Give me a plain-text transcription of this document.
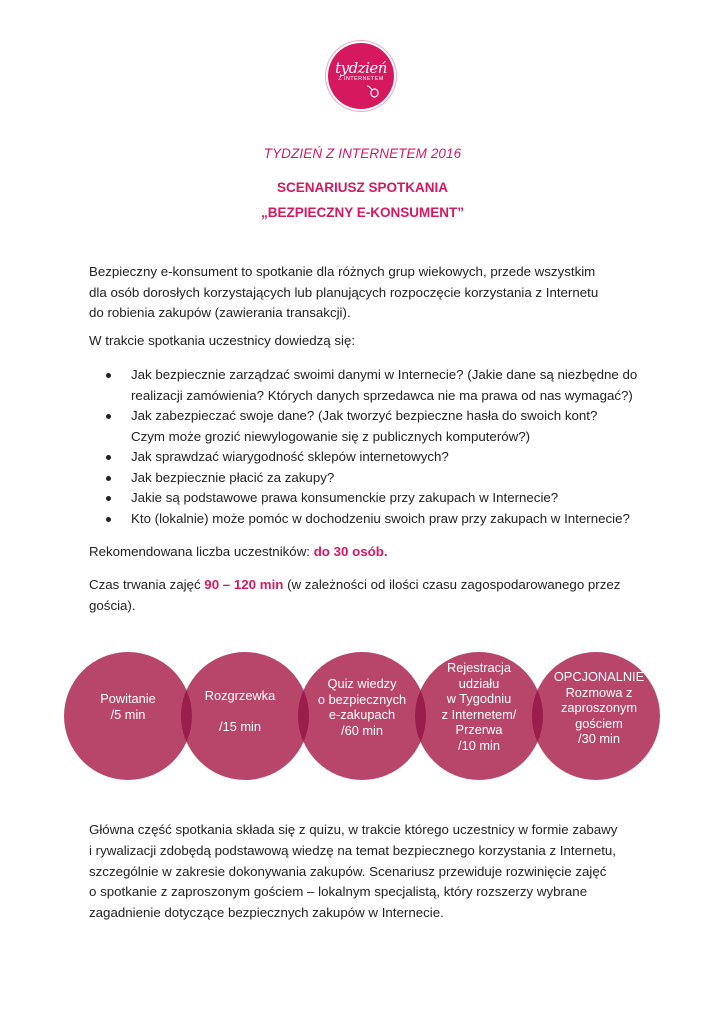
tydzień
Z INTERNETEM
TYDZIEŃ Z INTERNETEM 2016
SCENARIUSZ SPOTKANIA
„BEZPIECZNY E-KONSUMENT”

Bezpieczny e-konsument to spotkanie dla różnych grup wiekowych, przede wszystkim
dla osób dorosłych korzystających lub planujących rozpoczęcie korzystania z Internetu
do robienia zakupów (zawierania transakcji).

W trakcie spotkania uczestnicy dowiedzą się:

Jak bezpiecznie zarządzać swoimi danymi w Internecie? (Jakie dane są niezbędne do
realizacji zamówienia? Których danych sprzedawca nie ma prawa od nas wymagać?)
Jak zabezpieczać swoje dane? (Jak tworzyć bezpieczne hasła do swoich kont?
Czym może grozić niewylogowanie się z publicznych komputerów?)
Jak sprawdzać wiarygodność sklepów internetowych?
Jak bezpiecznie płacić za zakupy?
Jakie są podstawowe prawa konsumenckie przy zakupach w Internecie?
Kto (lokalnie) może pomóc w dochodzeniu swoich praw przy zakupach w Internecie?

Rekomendowana liczba uczestników: do 30 osób.

Czas trwania zajęć 90 – 120 min (w zależności od ilości czasu zagospodarowanego przez
gościa).

Powitanie
/5 min
Rozgrzewka

/15 min
Quiz wiedzy
o bezpiecznych
e-zakupach
/60 min
Rejestracja
udziału
w Tygodniu
z Internetem/
Przerwa
/10 min
OPCJONALNIE
Rozmowa z
zaproszonym
gościem
/30 min

Główna część spotkania składa się z quizu, w trakcie którego uczestnicy w formie zabawy
i rywalizacji zdobędą podstawową wiedzę na temat bezpiecznego korzystania z Internetu,
szczególnie w zakresie dokonywania zakupów. Scenariusz przewiduje rozwinięcie zajęć
o spotkanie z zaproszonym gościem – lokalnym specjalistą, który rozszerzy wybrane
zagadnienie dotyczące bezpiecznych zakupów w Internecie.
